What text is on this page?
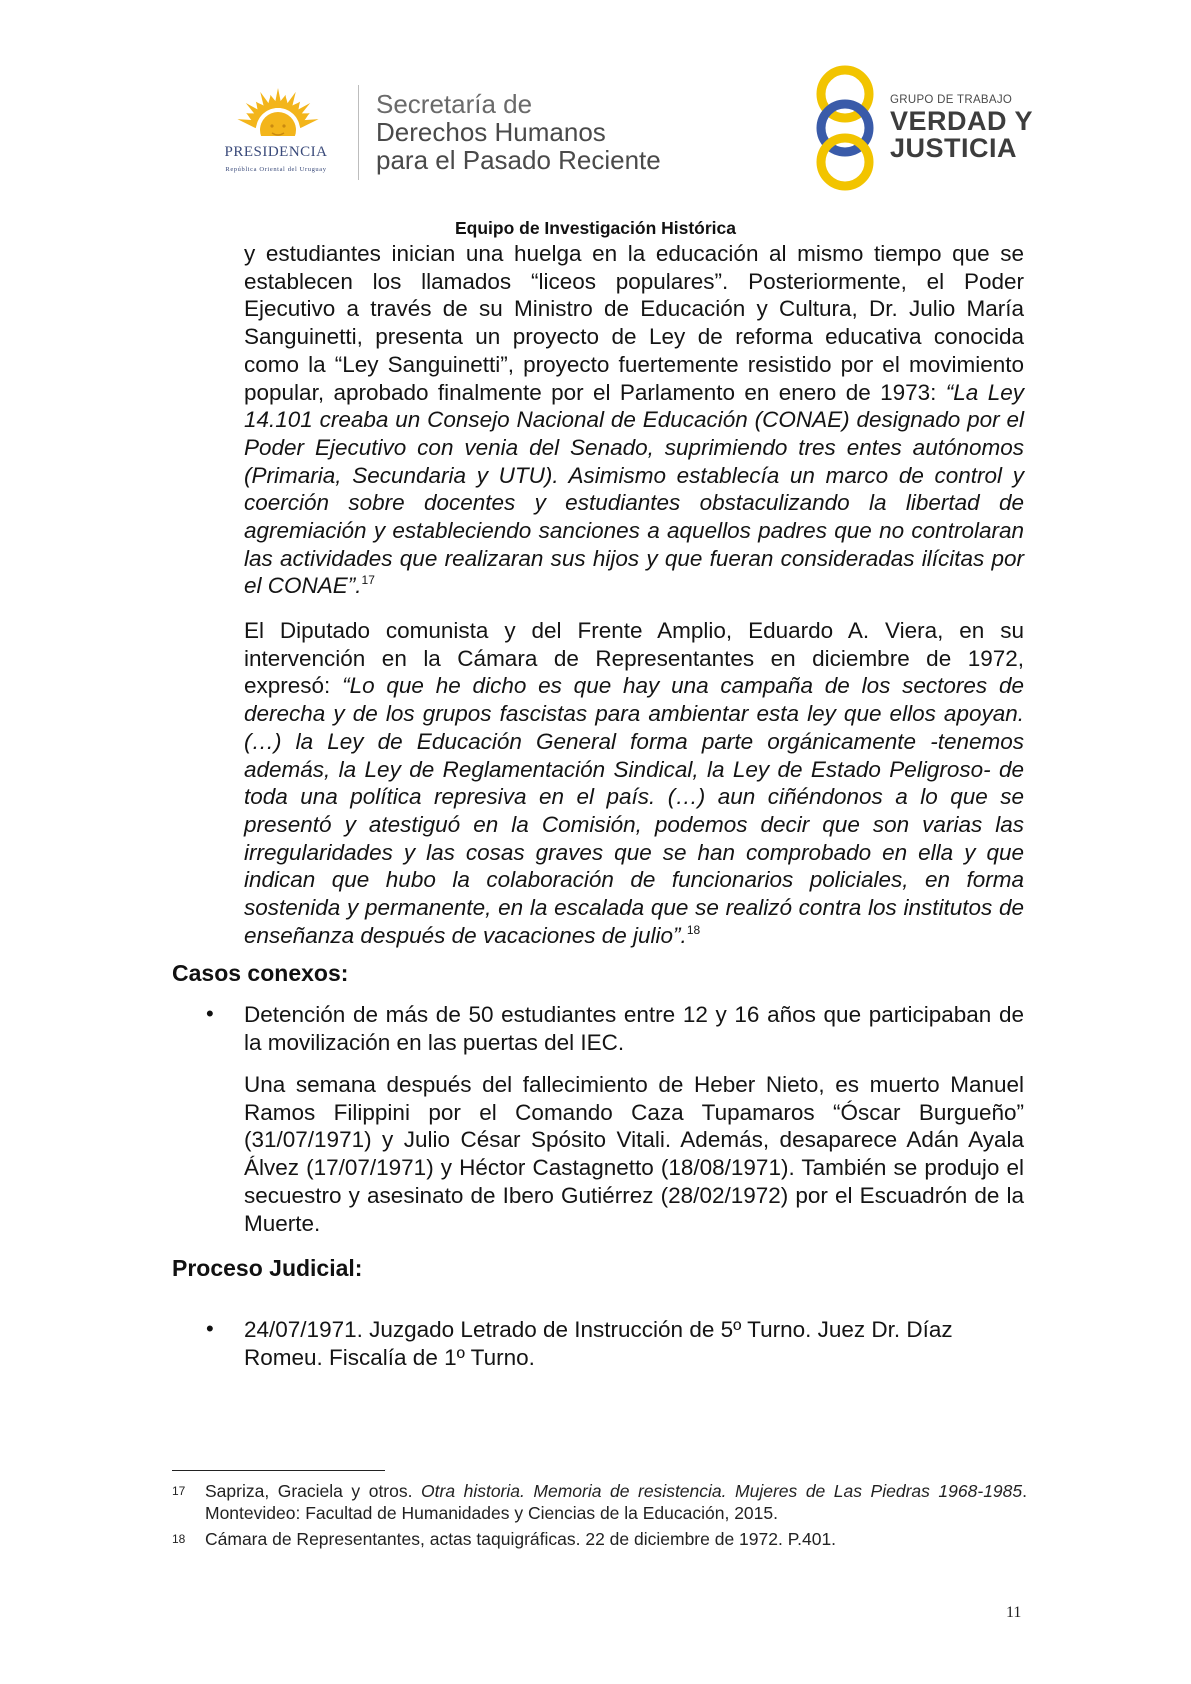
PRESIDENCIA
República Oriental del Uruguay
Secretaría de
Derechos Humanos
para el Pasado Reciente
GRUPO DE TRABAJO
VERDAD Y
JUSTICIA
Equipo de Investigación Histórica
y estudiantes inician una huelga en la educación al mismo tiempo que se establecen los llamados “liceos populares”. Posteriormente, el Poder Ejecutivo a través de su Ministro de Educación y Cultura, Dr. Julio María Sanguinetti, presenta un proyecto de Ley de reforma educativa conocida como la “Ley Sanguinetti”, proyecto fuertemente resistido por el movimiento popular, aprobado finalmente por el Parlamento en enero de 1973: “La Ley 14.101 creaba un Consejo Nacional de Educación (CONAE) designado por el Poder Ejecutivo con venia del Senado, suprimiendo tres entes autónomos (Primaria, Secundaria y UTU). Asimismo establecía un marco de control y coerción sobre docentes y estudiantes obstaculizando la libertad de agremiación y estableciendo sanciones a aquellos padres que no controlaran las actividades que realizaran sus hijos y que fueran consideradas ilícitas por el CONAE”.$^{17}$
El Diputado comunista y del Frente Amplio, Eduardo A. Viera, en su intervención en la Cámara de Representantes en diciembre de 1972, expresó: “Lo que he dicho es que hay una campaña de los sectores de derecha y de los grupos fascistas para ambientar esta ley que ellos apoyan. (…) la Ley de Educación General forma parte orgánicamente -tenemos además, la Ley de Reglamentación Sindical, la Ley de Estado Peligroso- de toda una política represiva en el país. (…) aun ciñéndonos a lo que se presentó y atestiguó en la Comisión, podemos decir que son varias las irregularidades y las cosas graves que se han comprobado en ella y que indican que hubo la colaboración de funcionarios policiales, en forma sostenida y permanente, en la escalada que se realizó contra los institutos de enseñanza después de vacaciones de julio”.$^{18}$
Casos conexos:
• Detención de más de 50 estudiantes entre 12 y 16 años que participaban de la movilización en las puertas del IEC.
Una semana después del fallecimiento de Heber Nieto, es muerto Manuel Ramos Filippini por el Comando Caza Tupamaros “Óscar Burgueño” (31/07/1971) y Julio César Spósito Vitali. Además, desaparece Adán Ayala Álvez (17/07/1971) y Héctor Castagnetto (18/08/1971). También se produjo el secuestro y asesinato de Ibero Gutiérrez (28/02/1972) por el Escuadrón de la Muerte.
Proceso Judicial:
• 24/07/1971. Juzgado Letrado de Instrucción de 5º Turno. Juez Dr. Díaz Romeu. Fiscalía de 1º Turno.
17 Sapriza, Graciela y otros. Otra historia. Memoria de resistencia. Mujeres de Las Piedras 1968-1985. Montevideo: Facultad de Humanidades y Ciencias de la Educación, 2015.
18 Cámara de Representantes, actas taquigráficas. 22 de diciembre de 1972. P.401.
11
